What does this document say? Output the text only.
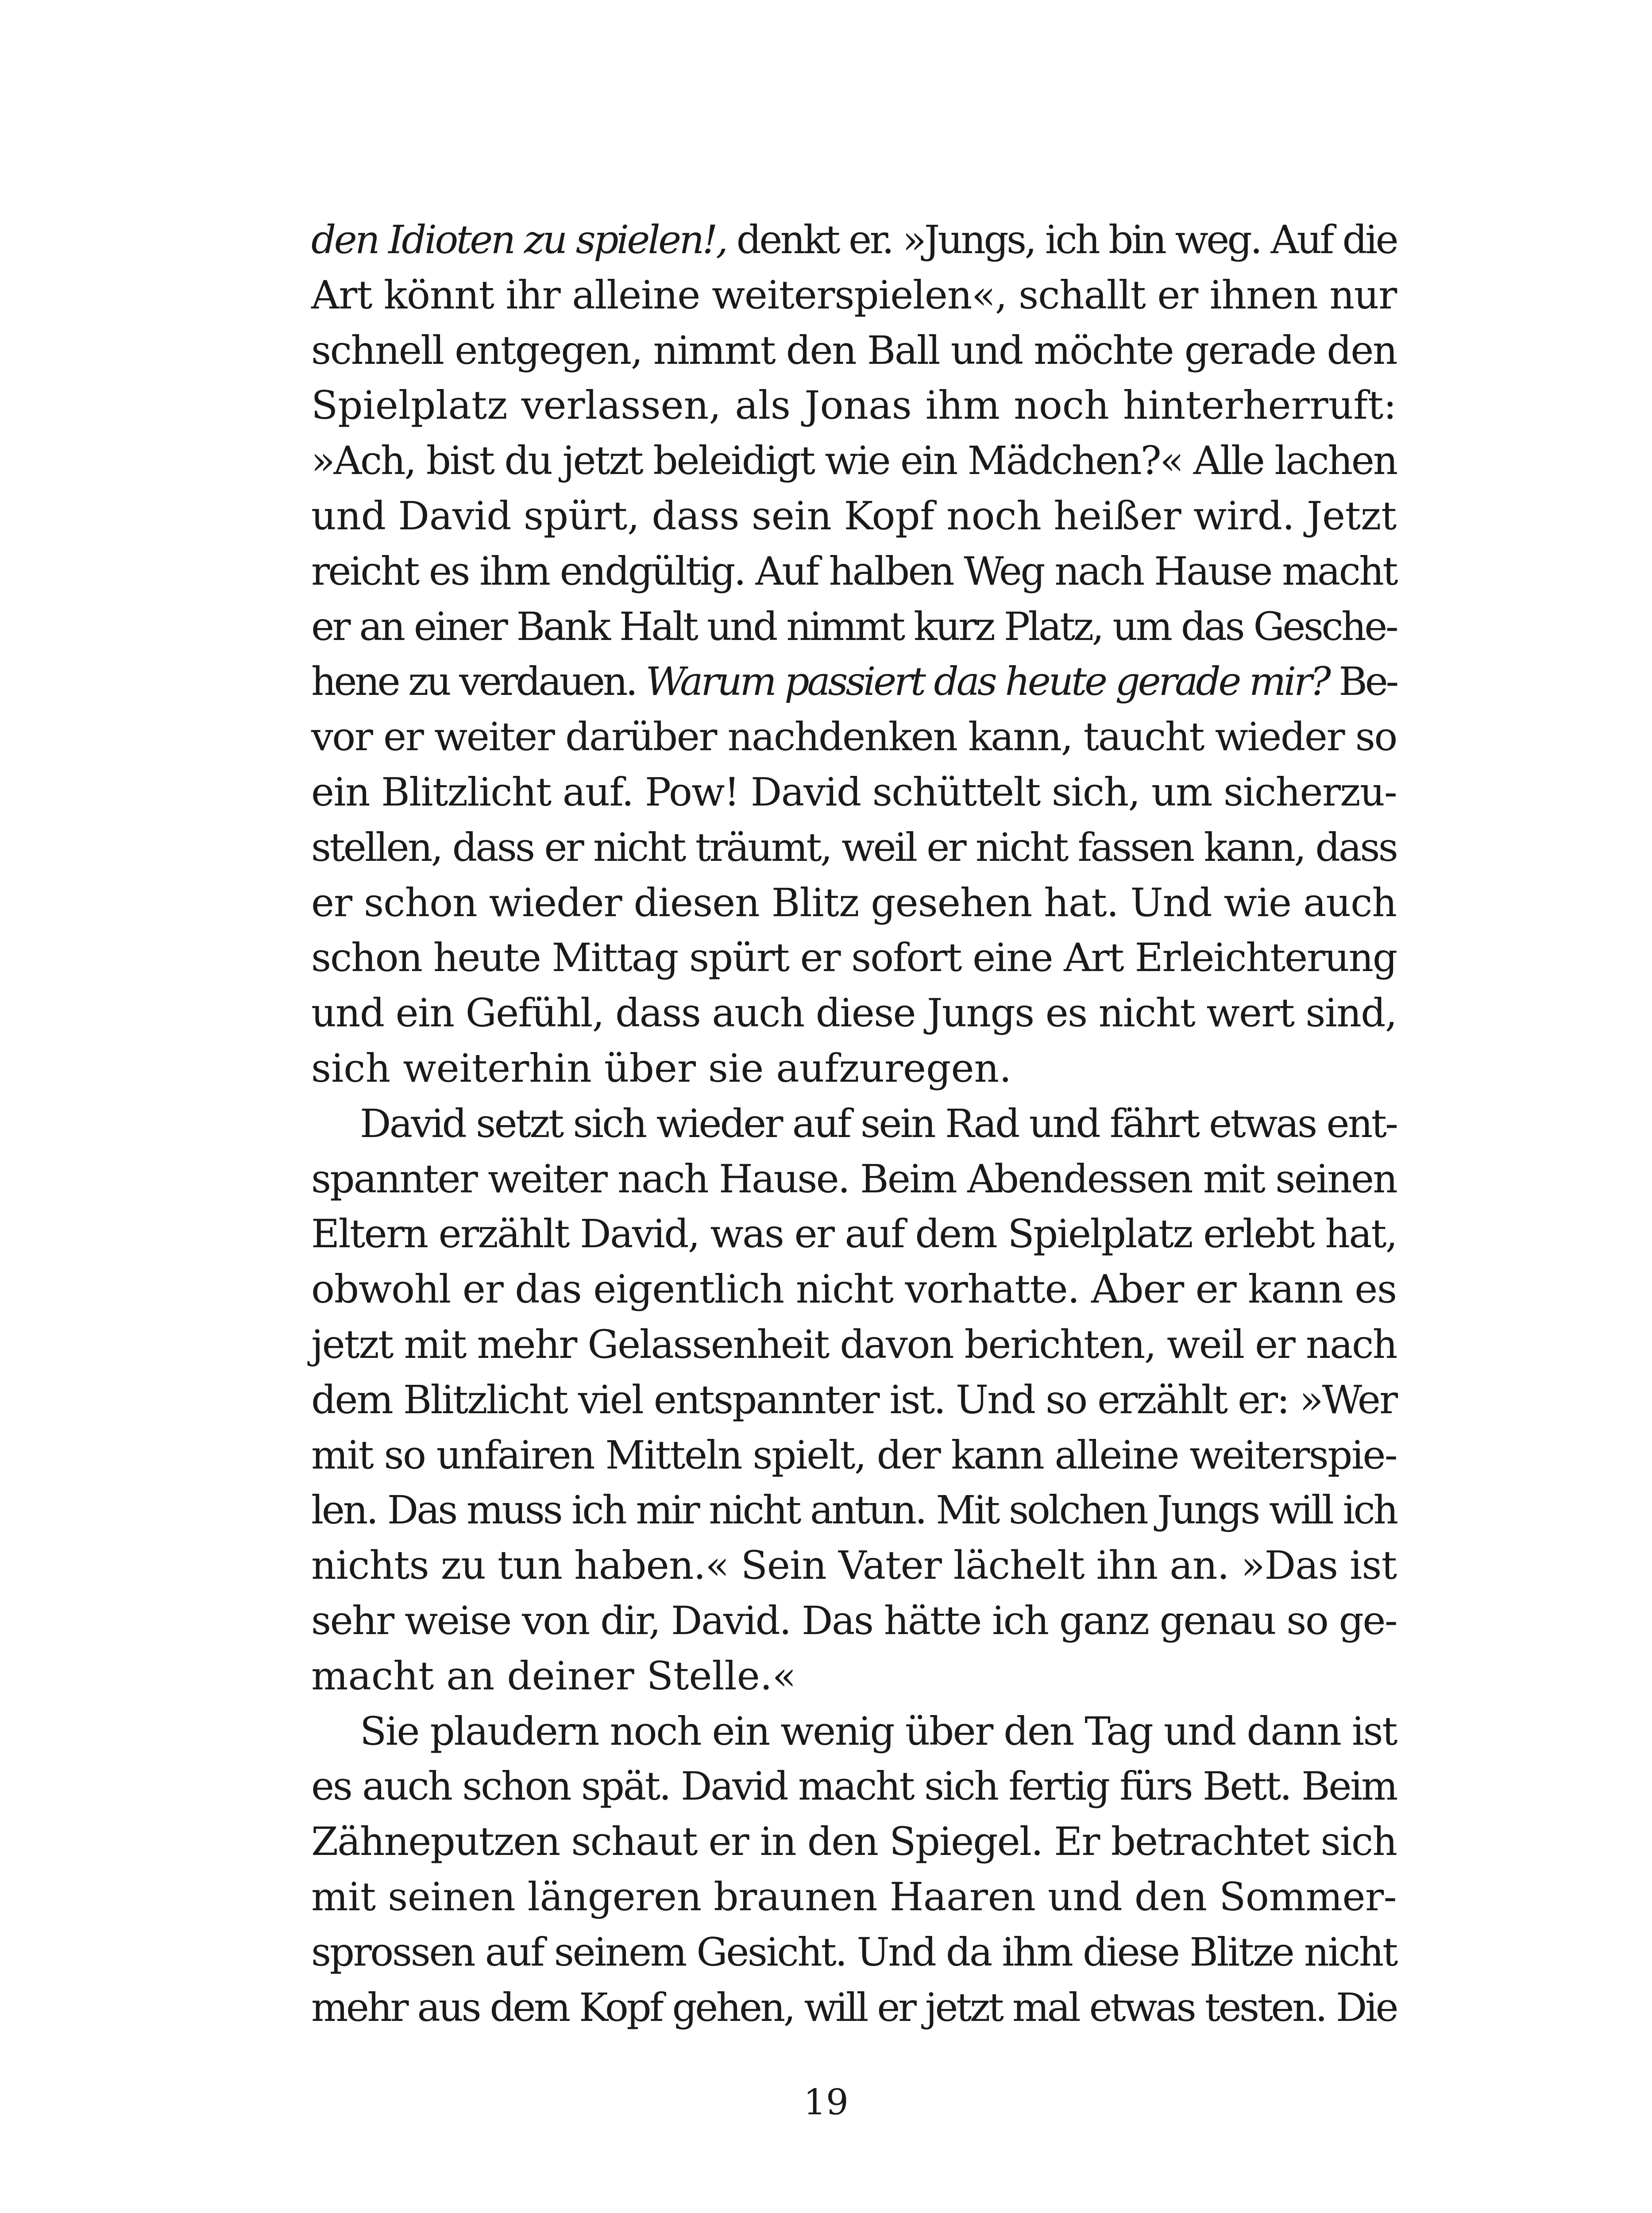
den Idioten zu spielen!, denkt er. »Jungs, ich bin weg. Auf die
Art könnt ihr alleine weiterspielen«, schallt er ihnen nur
schnell entgegen, nimmt den Ball und möchte gerade den
Spielplatz verlassen, als Jonas ihm noch hinterherruft:
»Ach, bist du jetzt beleidigt wie ein Mädchen?« Alle lachen
und David spürt, dass sein Kopf noch heißer wird. Jetzt
reicht es ihm endgültig. Auf halben Weg nach Hause macht
er an einer Bank Halt und nimmt kurz Platz, um das Gesche-
hene zu verdauen. Warum passiert das heute gerade mir? Be-
vor er weiter darüber nachdenken kann, taucht wieder so
ein Blitzlicht auf. Pow! David schüttelt sich, um sicherzu-
stellen, dass er nicht träumt, weil er nicht fassen kann, dass
er schon wieder diesen Blitz gesehen hat. Und wie auch
schon heute Mittag spürt er sofort eine Art Erleichterung
und ein Gefühl, dass auch diese Jungs es nicht wert sind,
sich weiterhin über sie aufzuregen.
David setzt sich wieder auf sein Rad und fährt etwas ent-
spannter weiter nach Hause. Beim Abendessen mit seinen
Eltern erzählt David, was er auf dem Spielplatz erlebt hat,
obwohl er das eigentlich nicht vorhatte. Aber er kann es
jetzt mit mehr Gelassenheit davon berichten, weil er nach
dem Blitzlicht viel entspannter ist. Und so erzählt er: »Wer
mit so unfairen Mitteln spielt, der kann alleine weiterspie-
len. Das muss ich mir nicht antun. Mit solchen Jungs will ich
nichts zu tun haben.« Sein Vater lächelt ihn an. »Das ist
sehr weise von dir, David. Das hätte ich ganz genau so ge-
macht an deiner Stelle.«
Sie plaudern noch ein wenig über den Tag und dann ist
es auch schon spät. David macht sich fertig fürs Bett. Beim
Zähneputzen schaut er in den Spiegel. Er betrachtet sich
mit seinen längeren braunen Haaren und den Sommer-
sprossen auf seinem Gesicht. Und da ihm diese Blitze nicht
mehr aus dem Kopf gehen, will er jetzt mal etwas testen. Die
19
